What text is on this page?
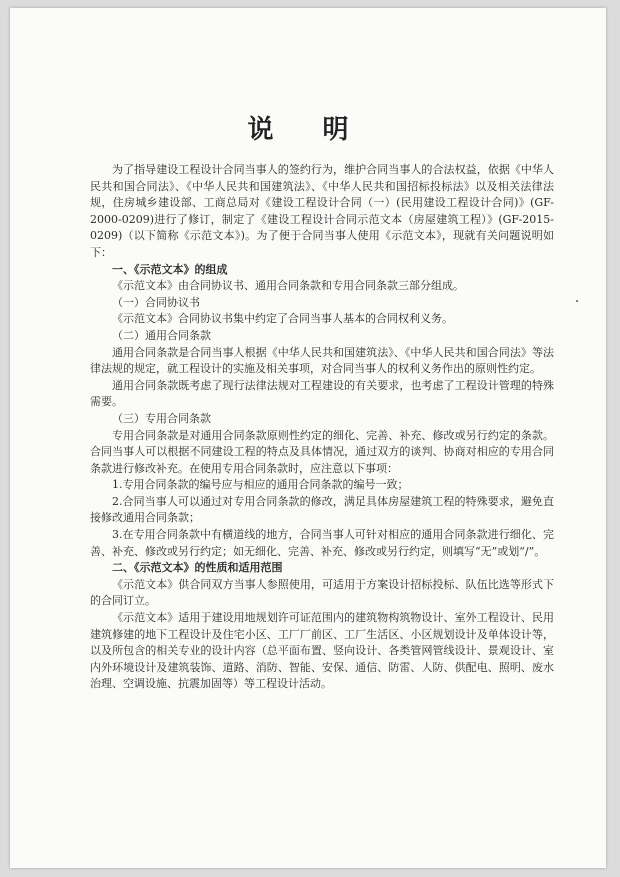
说 明

为了指导建设工程设计合同当事人的签约行为，维护合同当事人的合法权益，依据《中华人民共和国合同法》、《中华人民共和国建筑法》、《中华人民共和国招标投标法》以及相关法律法规，住房城乡建设部、工商总局对《建设工程设计合同（一）(民用建设工程设计合同)》(GF-2000-0209)进行了修订，制定了《建设工程设计合同示范文本（房屋建筑工程）》(GF-2015-0209)（以下简称《示范文本》)。为了便于合同当事人使用《示范文本》，现就有关问题说明如下：

一、《示范文本》的组成

《示范文本》由合同协议书、通用合同条款和专用合同条款三部分组成。

（一）合同协议书

《示范文本》合同协议书集中约定了合同当事人基本的合同权利义务。

（二）通用合同条款

通用合同条款是合同当事人根据《中华人民共和国建筑法》、《中华人民共和国合同法》等法律法规的规定，就工程设计的实施及相关事项，对合同当事人的权利义务作出的原则性约定。

通用合同条款既考虑了现行法律法规对工程建设的有关要求，也考虑了工程设计管理的特殊需要。

（三）专用合同条款

专用合同条款是对通用合同条款原则性约定的细化、完善、补充、修改或另行约定的条款。合同当事人可以根据不同建设工程的特点及具体情况，通过双方的谈判、协商对相应的专用合同条款进行修改补充。在使用专用合同条款时，应注意以下事项：

1.专用合同条款的编号应与相应的通用合同条款的编号一致；

2.合同当事人可以通过对专用合同条款的修改，满足具体房屋建筑工程的特殊要求，避免直接修改通用合同条款；

3.在专用合同条款中有横道线的地方，合同当事人可针对相应的通用合同条款进行细化、完善、补充、修改或另行约定；如无细化、完善、补充、修改或另行约定，则填写“无”或划“/”。

二、《示范文本》的性质和适用范围

《示范文本》供合同双方当事人参照使用，可适用于方案设计招标投标、队伍比选等形式下的合同订立。

《示范文本》适用于建设用地规划许可证范围内的建筑物构筑物设计、室外工程设计、民用建筑修建的地下工程设计及住宅小区、工厂厂前区、工厂生活区、小区规划设计及单体设计等，以及所包含的相关专业的设计内容（总平面布置、竖向设计、各类管网管线设计、景观设计、室内外环境设计及建筑装饰、道路、消防、智能、安保、通信、防雷、人防、供配电、照明、废水治理、空调设施、抗震加固等）等工程设计活动。
